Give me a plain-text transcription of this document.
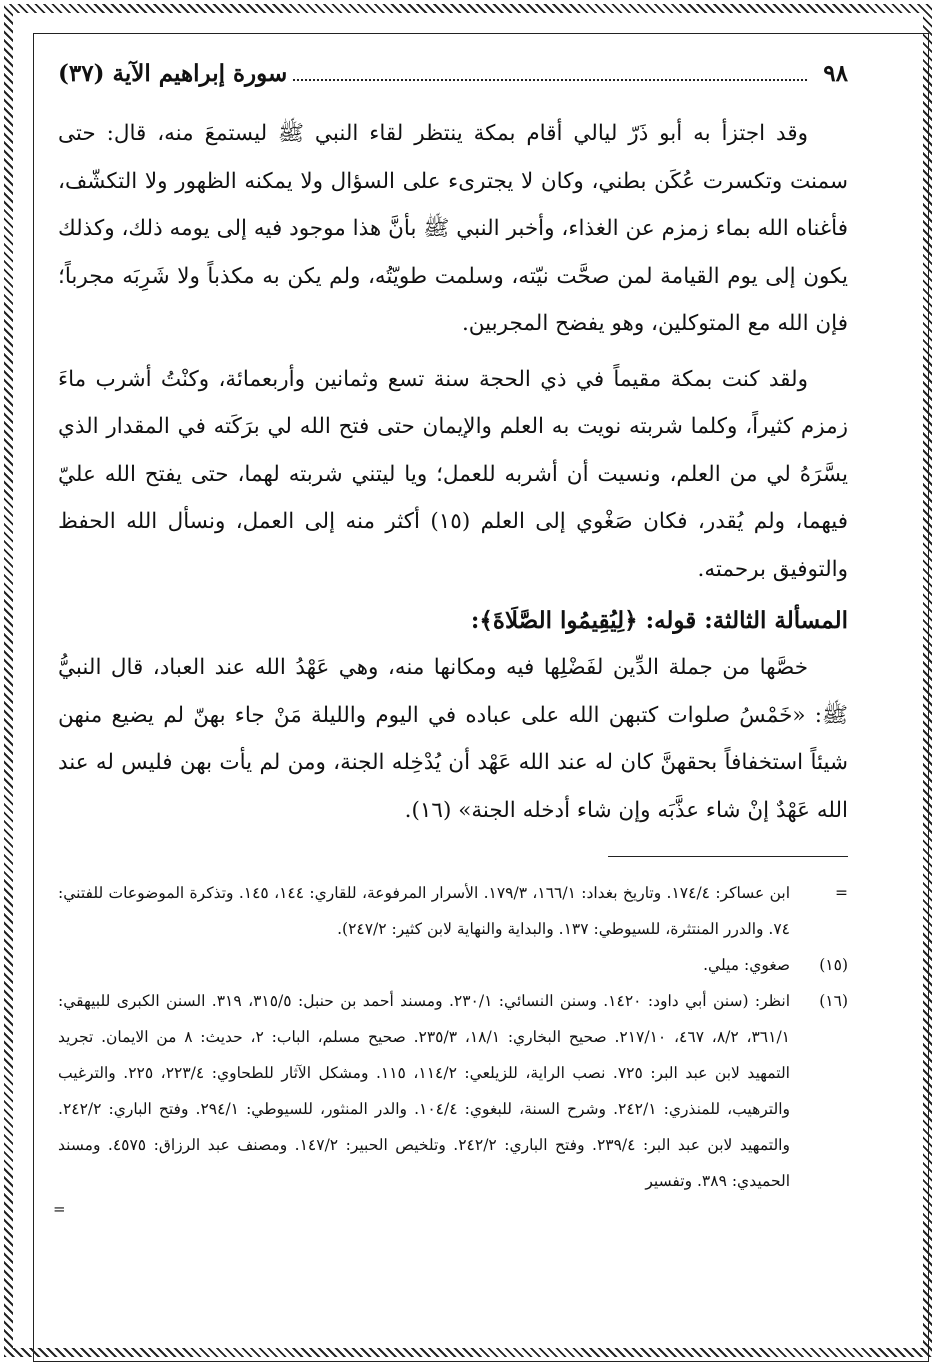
٩٨
سورة إبراهيم الآية (٣٧)

وقد اجتزأ به أبو ذَرّ ليالي أقام بمكة ينتظر لقاء النبي ﷺ ليستمعَ منه، قال: حتى سمنت وتكسرت عُكَن بطني، وكان لا يجترىء على السؤال ولا يمكنه الظهور ولا التكشّف، فأغناه الله بماء زمزم عن الغذاء، وأخبر النبي ﷺ بأنَّ هذا موجود فيه إلى يومه ذلك، وكذلك يكون إلى يوم القيامة لمن صحَّت نيّته، وسلمت طويّتُه، ولم يكن به مكذباً ولا شَرِبَه مجرباً؛ فإن الله مع المتوكلين، وهو يفضح المجربين.

ولقد كنت بمكة مقيماً في ذي الحجة سنة تسع وثمانين وأربعمائة، وكنْتُ أشرب ماءَ زمزم كثيراً، وكلما شربته نويت به العلم والإيمان حتى فتح الله لي برَكَته في المقدار الذي يسَّرَهُ لي من العلم، ونسيت أن أشربه للعمل؛ ويا ليتني شربته لهما، حتى يفتح الله عليّ فيهما، ولم يُقدر، فكان صَغْوي إلى العلم (١٥) أكثر منه إلى العمل، ونسأل الله الحفظ والتوفيق برحمته.

المسألة الثالثة: قوله: ﴿لِيُقِيمُوا الصَّلَاةَ﴾:

خصَّها من جملة الدِّين لفَضْلِها فيه ومكانها منه، وهي عَهْدُ الله عند العباد، قال النبيُّ ﷺ: «خَمْسُ صلوات كتبهن الله على عباده في اليوم والليلة مَنْ جاء بهنّ لم يضيع منهن شيئاً استخفافاً بحقهنَّ كان له عند الله عَهْد أن يُدْخِله الجنة، ومن لم يأت بهن فليس له عند الله عَهْدٌ إنْ شاء عذَّبَه وإن شاء أدخله الجنة» (١٦).

=
ابن عساكر: ١٧٤/٤. وتاريخ بغداد: ١٦٦/١، ١٧٩/٣. الأسرار المرفوعة، للقاري: ١٤٤، ١٤٥. وتذكرة الموضوعات للفتني: ٧٤. والدرر المنتثرة، للسيوطي: ١٣٧. والبداية والنهاية لابن كثير: ٢٤٧/٢).
(١٥)
صغوي: ميلي.
(١٦)
انظر: (سنن أبي داود: ١٤٢٠. وسنن النسائي: ٢٣٠/١. ومسند أحمد بن حنبل: ٣١٥/٥، ٣١٩. السنن الكبرى للبيهقي: ٣٦١/١، ٨/٢، ٤٦٧، ٢١٧/١٠. صحيح البخاري: ١٨/١، ٢٣٥/٣. صحيح مسلم، الباب: ٢، حديث: ٨ من الايمان. تجريد التمهيد لابن عبد البر: ٧٢٥. نصب الراية، للزيلعي: ١١٤/٢، ١١٥. ومشكل الآثار للطحاوي: ٢٢٣/٤، ٢٢٥. والترغيب والترهيب، للمنذري: ٢٤٢/١. وشرح السنة، للبغوي: ١٠٤/٤. والدر المنثور، للسيوطي: ٢٩٤/١. وفتح الباري: ٢٤٢/٢. والتمهيد لابن عبد البر: ٢٣٩/٤. وفتح الباري: ٢٤٢/٢. وتلخيص الحبير: ١٤٧/٢. ومصنف عبد الرزاق: ٤٥٧٥. ومسند الحميدي: ٣٨٩. وتفسير
=
